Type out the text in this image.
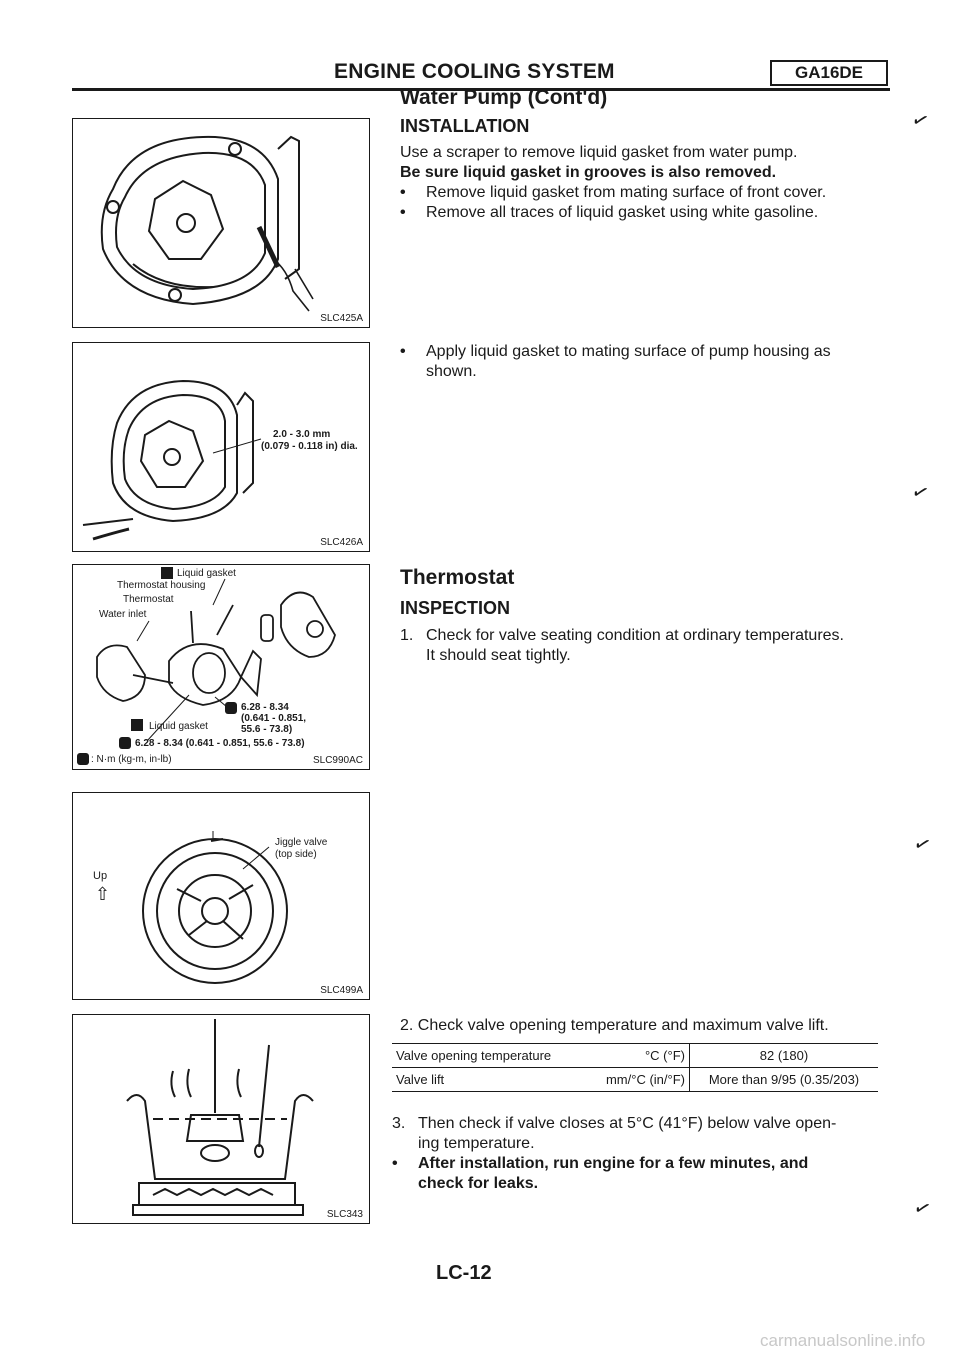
ENGINE COOLING SYSTEM	GA16DE
Water Pump (Cont'd)
INSTALLATION
Use a scraper to remove liquid gasket from water pump.
Be sure liquid gasket in grooves is also removed.
•	Remove liquid gasket from mating surface of front cover.
•	Remove all traces of liquid gasket using white gasoline.
•	Apply liquid gasket to mating surface of pump housing as
shown.
Thermostat
INSPECTION
1. Check for valve seating condition at ordinary temperatures.
It should seat tightly.
2. Check valve opening temperature and maximum valve lift.
Valve opening temperature	°C (°F)	82 (180)
Valve lift	mm/°C (in/°F)	More than 9/95 (0.35/203)
3. Then check if valve closes at 5°C (41°F) below valve open-
ing temperature.
•	After installation, run engine for a few minutes, and
check for leaks.
SLC425A
2.0 - 3.0 mm
(0.079 - 0.118 in) dia.
SLC426A
Liquid gasket
Thermostat housing
Thermostat
Water inlet
6.28 - 8.34
(0.641 - 0.851,
55.6 - 73.8)
Liquid gasket
6.28 - 8.34 (0.641 - 0.851, 55.6 - 73.8)
: N·m (kg-m, in-lb)	SLC990AC
Up
⇧
Jiggle valve
(top side)
SLC499A
SLC343
✓
✓
✓
✓
LC-12
carmanualsonline.info
